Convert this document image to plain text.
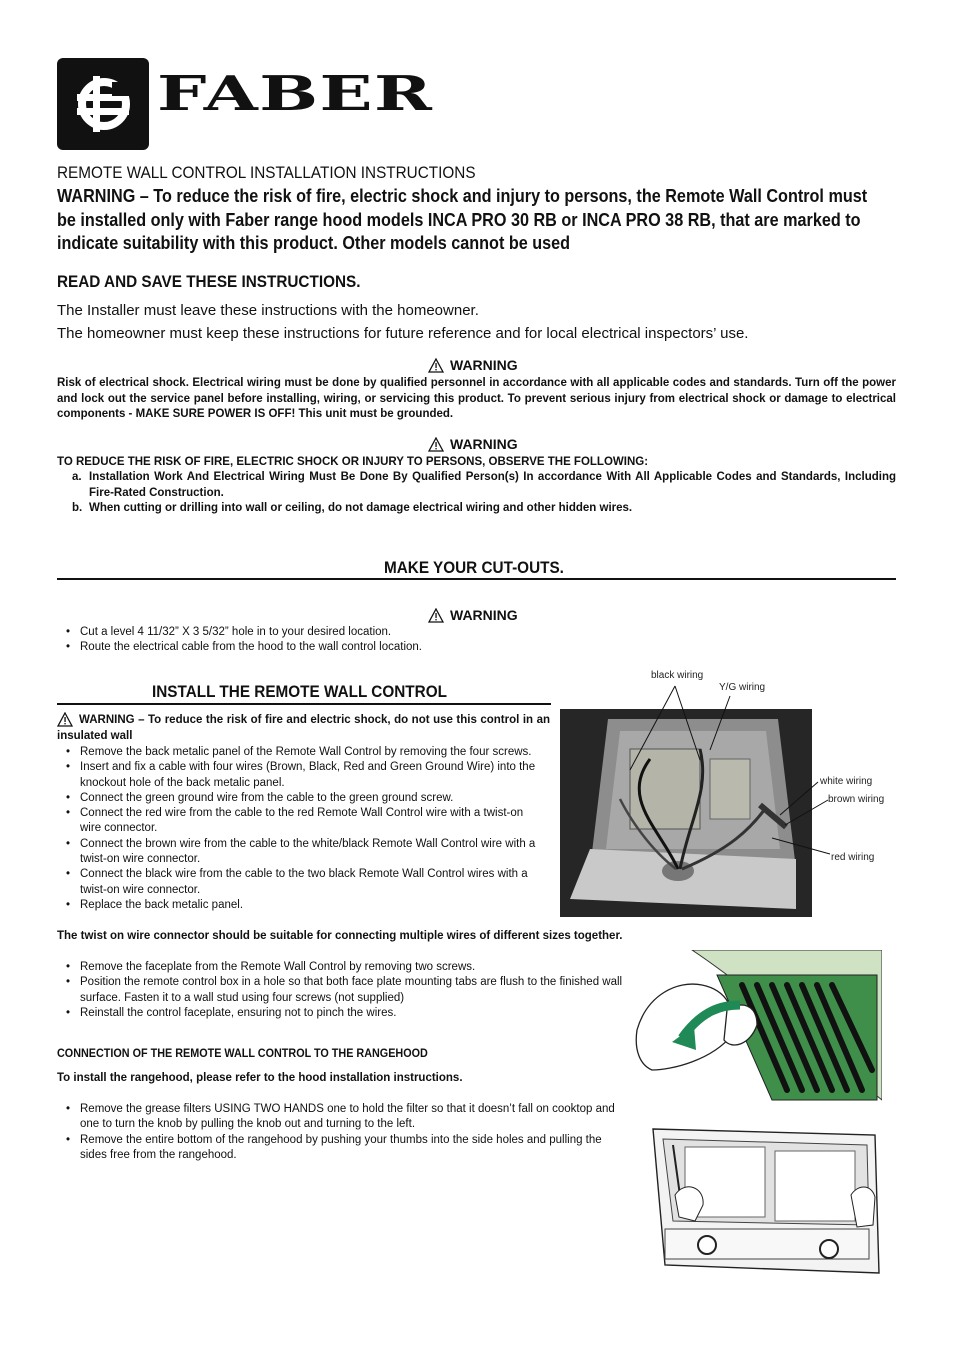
FABER
REMOTE WALL CONTROL INSTALLATION INSTRUCTIONS
WARNING – To reduce the risk of fire, electric shock and injury to persons, the Remote Wall Control must be installed only with Faber range hood models INCA PRO 30 RB or INCA PRO 38 RB, that are marked to indicate suitability with this product. Other models cannot be used
READ AND SAVE THESE INSTRUCTIONS.
The Installer must leave these instructions with the homeowner.
The homeowner must keep these instructions for future reference and for local electrical inspectors’ use.
WARNING
Risk of electrical shock. Electrical wiring must be done by qualified personnel in accordance with all applicable codes and standards. Turn off the power and lock out the service panel before installing, wiring, or servicing this product. To prevent serious injury from electrical shock or damage to electrical components - MAKE SURE POWER IS OFF! This unit must be grounded.
WARNING
TO REDUCE THE RISK OF FIRE, ELECTRIC SHOCK OR INJURY TO PERSONS, OBSERVE THE FOLLOWING:
a. Installation Work And Electrical Wiring Must Be Done By Qualified Person(s) In accordance With All Applicable Codes and Standards, Including Fire-Rated Construction.
b. When cutting or drilling into wall or ceiling, do not damage electrical wiring and other hidden wires.
MAKE YOUR CUT-OUTS.
WARNING
• Cut a level 4 11/32” X 3 5/32” hole in to your desired location.
• Route the electrical cable from the hood to the wall control location.
INSTALL THE REMOTE WALL CONTROL
WARNING – To reduce the risk of fire and electric shock, do not use this control in an insulated wall
• Remove the back metalic panel of the Remote Wall Control by removing the four screws.
• Insert and fix a cable with four wires (Brown, Black, Red and Green Ground Wire) into the knockout hole of the back metalic panel.
• Connect the green ground wire from the cable to the green ground screw.
• Connect the red wire from the cable to the red Remote Wall Control wire with a twist-on wire connector.
• Connect the brown wire from the cable to the white/black Remote Wall Control wire with a twist-on wire connector.
• Connect the black wire from the cable to the two black Remote Wall Control wires with a twist-on wire connector.
• Replace the back metalic panel.
The twist on wire connector should be suitable for connecting multiple wires of different sizes together.
• Remove the faceplate from the Remote Wall Control by removing two screws.
• Position the remote control box in a hole so that both face plate mounting tabs are flush to the finished wall surface. Fasten it to a wall stud using four screws (not supplied)
• Reinstall the control faceplate, ensuring not to pinch the wires.
CONNECTION OF THE REMOTE WALL CONTROL TO THE RANGEHOOD
To install the rangehood, please refer to the hood installation instructions.
• Remove the grease filters USING TWO HANDS one to hold the filter so that it doesn’t fall on cooktop and one to turn the knob by pulling the knob out and turning to the left.
• Remove the entire bottom of the rangehood by pushing your thumbs into the side holes and pulling the sides free from the rangehood.
black wiring
Y/G wiring
white wiring
brown wiring
red wiring
